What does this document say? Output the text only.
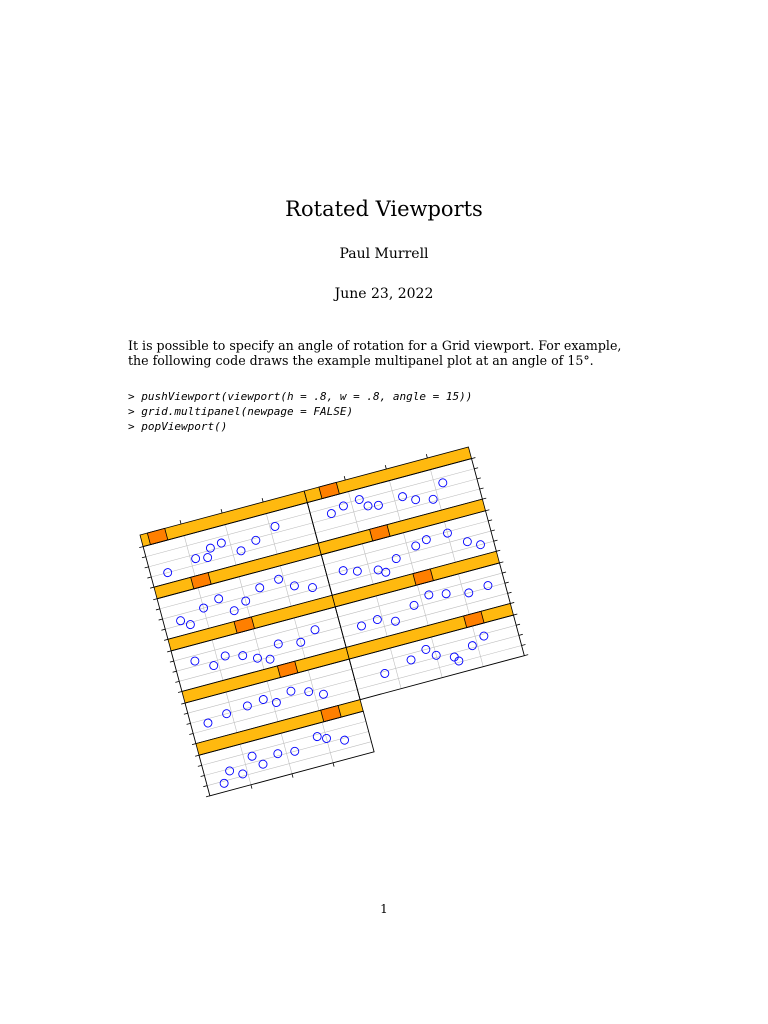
Rotated Viewports
Paul Murrell
June 23, 2022

It is possible to specify an angle of rotation for a Grid viewport. For example, the following code draws the example multipanel plot at an angle of 15°.

> pushViewport(viewport(h = .8, w = .8, angle = 15))
> grid.multipanel(newpage = FALSE)
> popViewport()
1
